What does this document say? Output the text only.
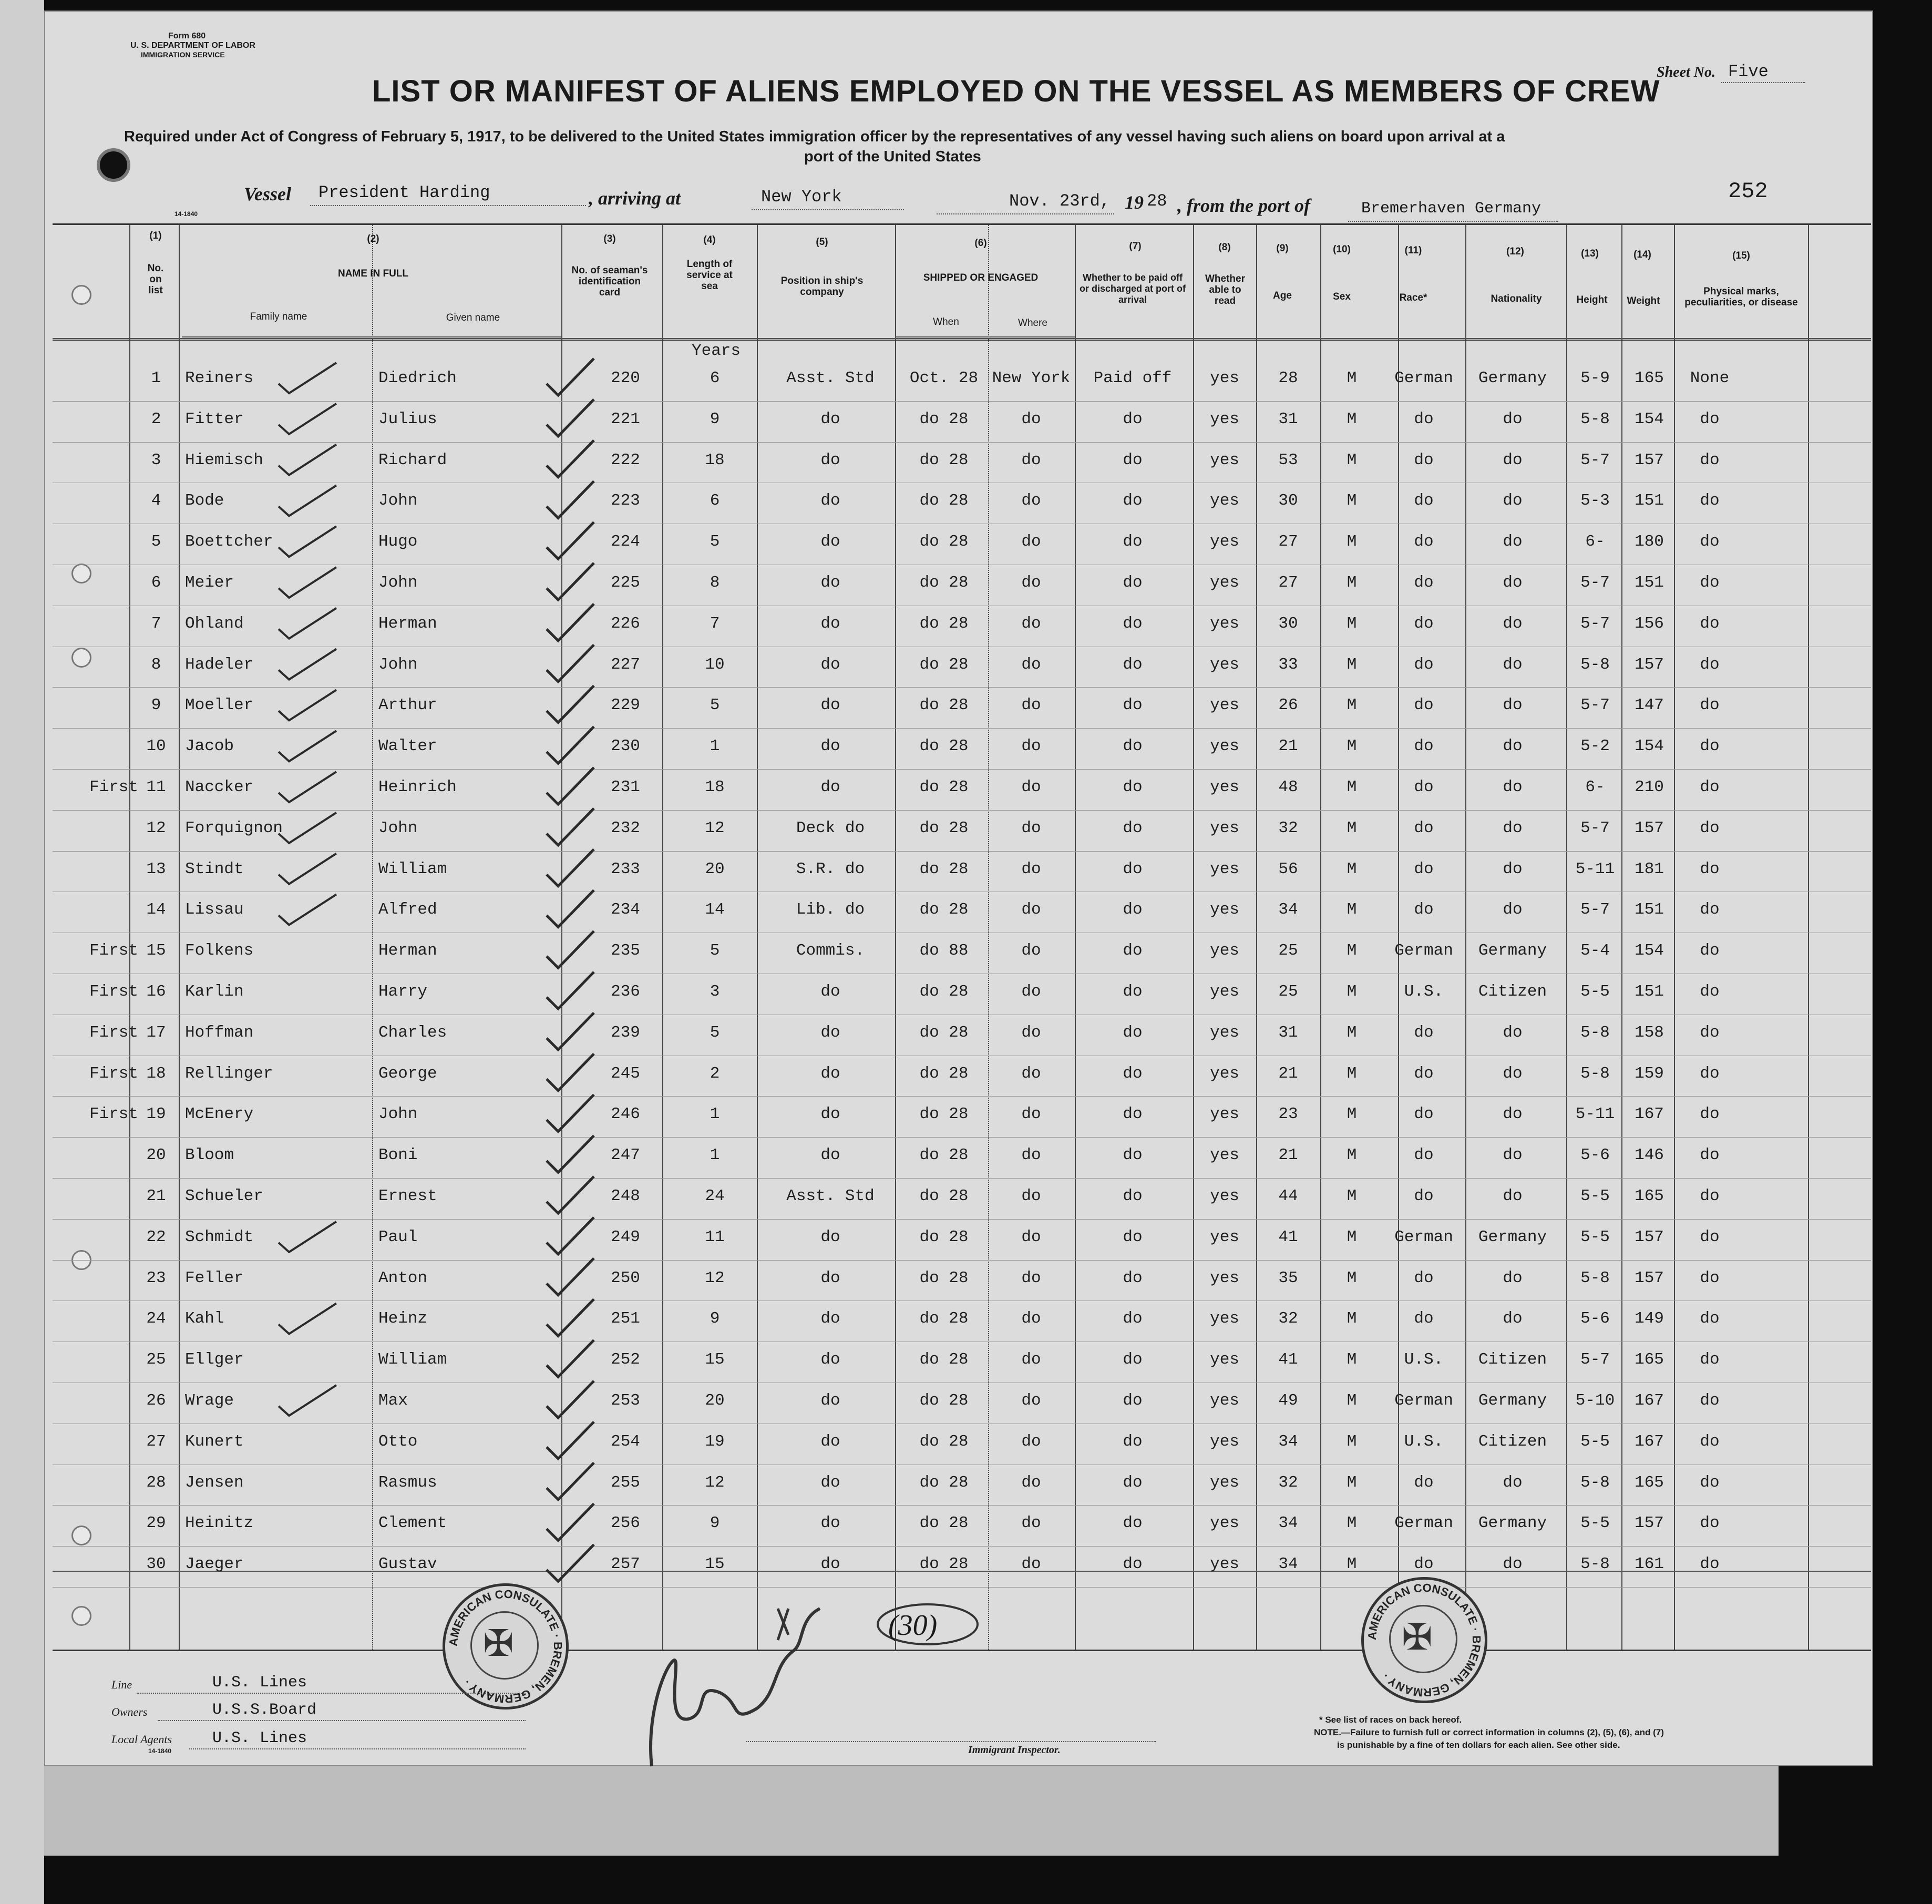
Form 680
U. S. DEPARTMENT OF LABOR
IMMIGRATION SERVICE
LIST OR MANIFEST OF ALIENS EMPLOYED ON THE VESSEL AS MEMBERS OF CREW
Sheet No. Five
Required under Act of Congress of February 5, 1917, to be delivered to the United States immigration officer by the representatives of any vessel having such aliens on board upon arrival at a
port of the United States
Vessel President Harding	, arriving at	New York	Nov. 23rd, 19 28 , from the port of	Bremerhaven Germany
252
14-1840
(1)
No. on list
(2)
NAME IN FULL
Family name	Given name
(3)
No. of seaman's identification card
(4)
Length of service at sea
(5)
Position in ship's company
(6)
SHIPPED OR ENGAGED
When	Where
(7)
Whether to be paid off or discharged at port of arrival
(8)
Whether able to read
(9)
Age
(10)
Sex
(11)
Race*
(12)
Nationality
(13)
Height
(14)
Weight
(15)
Physical marks, peculiarities, or disease
Years
1	Reiners	Diedrich	220	6	Asst. Std	Oct. 28 New York	Paid off	yes	28	M	German	Germany	5-9	165	None
2	Fitter	Julius	221	9	do	do 28	do	do	yes	31	M	do	do	5-8	154	do
3	Hiemisch	Richard	222	18	do	do 28	do	do	yes	53	M	do	do	5-7	157	do
4	Bode	John	223	6	do	do 28	do	do	yes	30	M	do	do	5-3	151	do
5	Boettcher	Hugo	224	5	do	do 28	do	do	yes	27	M	do	do	6-	180	do
6	Meier	John	225	8	do	do 28	do	do	yes	27	M	do	do	5-7	151	do
7	Ohland	Herman	226	7	do	do 28	do	do	yes	30	M	do	do	5-7	156	do
8	Hadeler	John	227	10	do	do 28	do	do	yes	33	M	do	do	5-8	157	do
9	Moeller	Arthur	229	5	do	do 28	do	do	yes	26	M	do	do	5-7	147	do
10	Jacob	Walter	230	1	do	do 28	do	do	yes	21	M	do	do	5-2	154	do
First 11	Naccker	Heinrich	231	18	do	do 28	do	do	yes	48	M	do	do	6-	210	do
12	Forquignon	John	232	12	Deck do	do 28	do	do	yes	32	M	do	do	5-7	157	do
13	Stindt	William	233	20	S.R. do	do 28	do	do	yes	56	M	do	do	5-11	181	do
14	Lissau	Alfred	234	14	Lib. do	do 28	do	do	yes	34	M	do	do	5-7	151	do
First 15	Folkens	Herman	235	5	Commis.	do 88	do	do	yes	25	M	German	Germany	5-4	154	do
First 16	Karlin	Harry	236	3	do	do 28	do	do	yes	25	M	U.S.	Citizen	5-5	151	do
First 17	Hoffman	Charles	239	5	do	do 28	do	do	yes	31	M	do	do	5-8	158	do
First 18	Rellinger	George	245	2	do	do 28	do	do	yes	21	M	do	do	5-8	159	do
First 19	McEnery	John	246	1	do	do 28	do	do	yes	23	M	do	do	5-11	167	do
20	Bloom	Boni	247	1	do	do 28	do	do	yes	21	M	do	do	5-6	146	do
21	Schueler	Ernest	248	24	Asst. Std	do 28	do	do	yes	44	M	do	do	5-5	165	do
22	Schmidt	Paul	249	11	do	do 28	do	do	yes	41	M	German	Germany	5-5	157	do
23	Feller	Anton	250	12	do	do 28	do	do	yes	35	M	do	do	5-8	157	do
24	Kahl	Heinz	251	9	do	do 28	do	do	yes	32	M	do	do	5-6	149	do
25	Ellger	William	252	15	do	do 28	do	do	yes	41	M	U.S.	Citizen	5-7	165	do
26	Wrage	Max	253	20	do	do 28	do	do	yes	49	M	German	Germany	5-10	167	do
27	Kunert	Otto	254	19	do	do 28	do	do	yes	34	M	U.S.	Citizen	5-5	167	do
28	Jensen	Rasmus	255	12	do	do 28	do	do	yes	32	M	do	do	5-8	165	do
29	Heinitz	Clement	256	9	do	do 28	do	do	yes	34	M	German	Germany	5-5	157	do
30	Jaeger	Gustav	257	15	do	do 28	do	do	yes	34	M	do	do	5-8	161	do
AMERICAN CONSULATE · BREMEN, GERMANY ·
✠	AMERICAN CONSULATE · BREMEN, GERMANY ·
✠
(30)
Line	U.S. Lines
Owners	U.S.S.Board
Local Agents	U.S. Lines
14-1840	Immigrant Inspector.
* See list of races on back hereof.
NOTE.—Failure to furnish full or correct information in columns (2), (5), (6), and (7)
is punishable by a fine of ten dollars for each alien. See other side.
